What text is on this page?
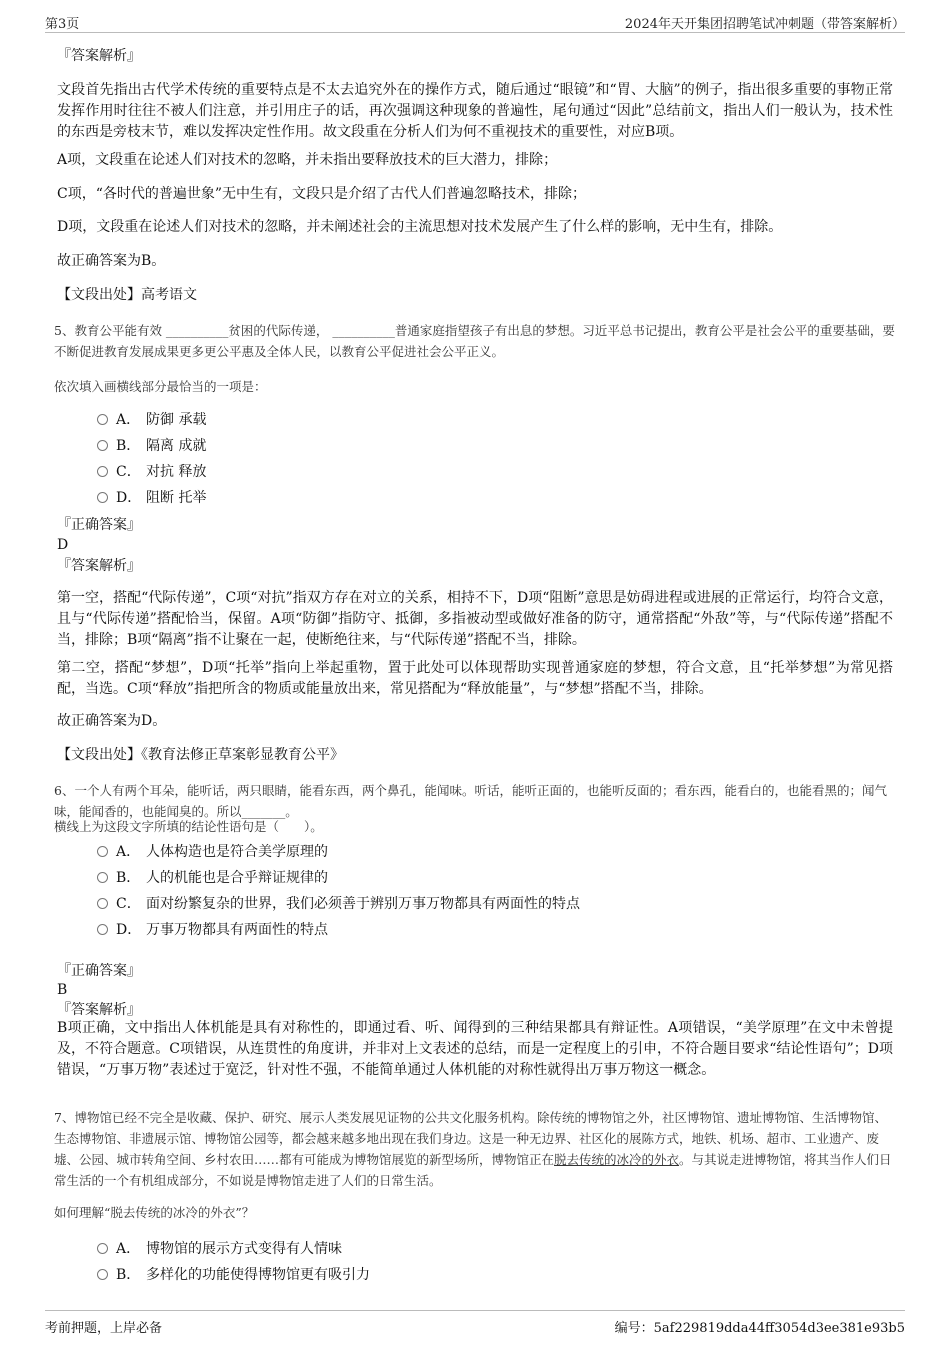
第3页	2024年天开集团招聘笔试冲刺题（带答案解析）
『答案解析』
文段首先指出古代学术传统的重要特点是不太去追究外在的操作方式，随后通过“眼镜”和“胃、大脑”的例子，指出很多重要的事物正常发挥作用时往往不被人们注意，并引用庄子的话，再次强调这种现象的普遍性，尾句通过“因此”总结前文，指出人们一般认为，技术性的东西是旁枝末节，难以发挥决定性作用。故文段重在分析人们为何不重视技术的重要性，对应B项。
A项，文段重在论述人们对技术的忽略，并未指出要释放技术的巨大潜力，排除；
C项，“各时代的普遍世象”无中生有，文段只是介绍了古代人们普遍忽略技术，排除；
D项，文段重在论述人们对技术的忽略，并未阐述社会的主流思想对技术发展产生了什么样的影响，无中生有，排除。
故正确答案为B。
【文段出处】高考语文
5、教育公平能有效 __________贫困的代际传递， __________普通家庭指望孩子有出息的梦想。习近平总书记提出，教育公平是社会公平的重要基础，要不断促进教育发展成果更多更公平惠及全体人民，以教育公平促进社会公平正义。
依次填入画横线部分最恰当的一项是：
A． 防御 承载
B． 隔离 成就
C． 对抗 释放
D． 阻断 托举
『正确答案』
D
『答案解析』
第一空，搭配“代际传递”，C项“对抗”指双方存在对立的关系，相持不下，D项“阻断”意思是妨碍进程或进展的正常运行，均符合文意，且与“代际传递”搭配恰当，保留。A项“防御”指防守、抵御，多指被动型或做好准备的防守，通常搭配“外敌”等，与“代际传递”搭配不当，排除；B项“隔离”指不让聚在一起，使断绝往来，与“代际传递”搭配不当，排除。
第二空，搭配“梦想”，D项“托举”指向上举起重物，置于此处可以体现帮助实现普通家庭的梦想，符合文意，且“托举梦想”为常见搭配，当选。C项“释放”指把所含的物质或能量放出来，常见搭配为“释放能量”，与“梦想”搭配不当，排除。
故正确答案为D。
【文段出处】《教育法修正草案彰显教育公平》
6、一个人有两个耳朵，能听话，两只眼睛，能看东西，两个鼻孔，能闻味。听话，能听正面的，也能听反面的；看东西，能看白的，也能看黑的；闻气味，能闻香的，也能闻臭的。所以_______。
横线上为这段文字所填的结论性语句是（　　）。
A． 人体构造也是符合美学原理的
B． 人的机能也是合乎辩证规律的
C． 面对纷繁复杂的世界，我们必须善于辨别万事万物都具有两面性的特点
D． 万事万物都具有两面性的特点
『正确答案』
B
『答案解析』
B项正确，文中指出人体机能是具有对称性的，即通过看、听、闻得到的三种结果都具有辩证性。A项错误，“美学原理”在文中未曾提及，不符合题意。C项错误，从连贯性的角度讲，并非对上文表述的总结，而是一定程度上的引申，不符合题目要求“结论性语句”；D项错误，“万事万物”表述过于宽泛，针对性不强，不能简单通过人体机能的对称性就得出万事万物这一概念。
7、博物馆已经不完全是收藏、保护、研究、展示人类发展见证物的公共文化服务机构。除传统的博物馆之外，社区博物馆、遗址博物馆、生活博物馆、生态博物馆、非遗展示馆、博物馆公园等，都会越来越多地出现在我们身边。这是一种无边界、社区化的展陈方式，地铁、机场、超市、工业遗产、废墟、公园、城市转角空间、乡村农田……都有可能成为博物馆展览的新型场所，博物馆正在脱去传统的冰冷的外衣。与其说走进博物馆，将其当作人们日常生活的一个有机组成部分，不如说是博物馆走进了人们的日常生活。
如何理解“脱去传统的冰冷的外衣”？
A． 博物馆的展示方式变得有人情味
B． 多样化的功能使得博物馆更有吸引力
考前押题，上岸必备	编号：5af229819dda44ff3054d3ee381e93b5
